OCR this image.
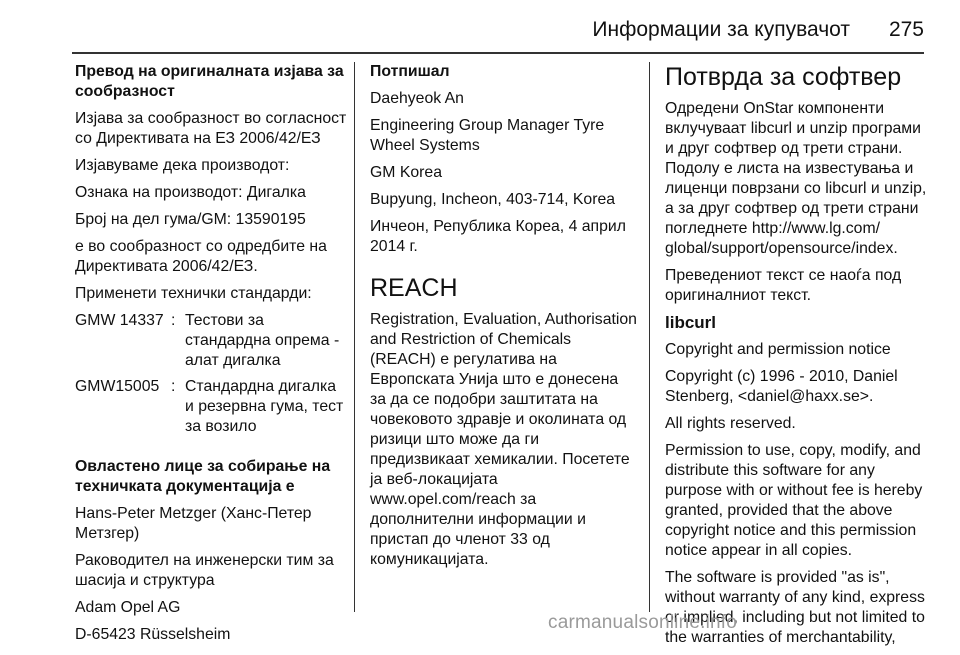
Информации за купувачот 275

Превод на оригиналната изјава за сообразност

Изјава за сообразност во согласност со Директивата на ЕЗ 2006/42/ЕЗ

Изјавуваме дека производот:

Ознака на производот: Дигалка

Број на дел гума/GM: 13590195

е во сообразност со одредбите на Директивата 2006/42/ЕЗ.

Применети технички стандарди:

GMW 14337 : Тестови за стандардна опрема - алат дигалка
GMW15005 : Стандардна дигалка и резервна гума, тест за возило

Овластено лице за собирање на техничката документација е

Hans-Peter Metzger (Ханс-Петер Метзгер)

Раководител на инженерски тим за шасија и структура

Adam Opel AG

D-65423 Rüsselsheim

Потпишал

Daehyeok An

Engineering Group Manager Tyre Wheel Systems

GM Korea

Bupyung, Incheon, 403-714, Korea

Инчеон, Република Кореа, 4 април 2014 г.

REACH

Registration, Evaluation, Authorisation and Restriction of Chemicals (REACH) е регулатива на Европската Унија што е донесена за да се подобри заштитата на човековото здравје и околината од ризици што може да ги предизвикаат хемикалии. Посетете ја веб-локацијата www.opel.com/reach за дополнителни информации и пристап до членот 33 од комуникацијата.

Потврда за софтвер

Одредени OnStar компоненти вклучуваат libcurl и unzip програми и друг софтвер од трети страни. Подолу е листа на известувања и лиценци поврзани со libcurl и unzip, а за друг софтвер од трети страни погледнете http://www.lg.com/ global/support/opensource/index.

Преведениот текст се наоѓа под оригиналниот текст.

libcurl

Copyright and permission notice

Copyright (c) 1996 - 2010, Daniel Stenberg, <daniel@haxx.se>.

All rights reserved.

Permission to use, copy, modify, and distribute this software for any purpose with or without fee is hereby granted, provided that the above copyright notice and this permission notice appear in all copies.

The software is provided "as is", without warranty of any kind, express or implied, including but not limited to the warranties of merchantability,

carmanualsonline.info
